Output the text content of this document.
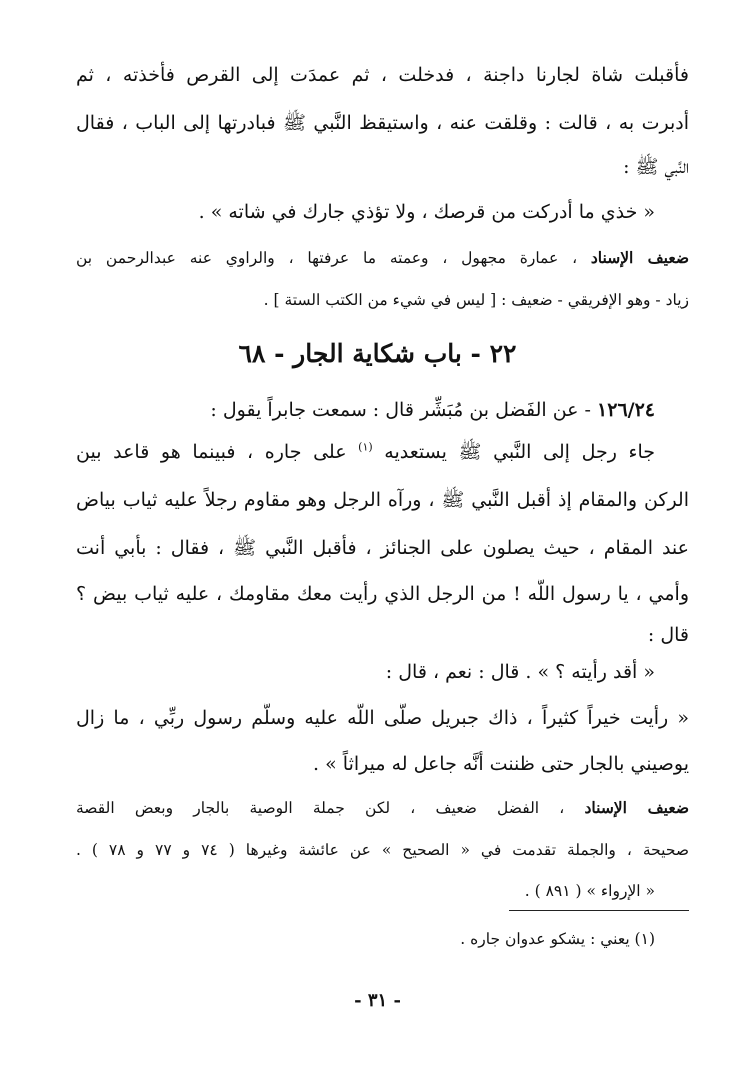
فأقبلت شاة لجارنا داجنة ، فدخلت ، ثم عمدَت إلى القرص فأخذته ، ثم
أدبرت به ، قالت : وقلقت عنه ، واستيقظ النَّبي ﷺ فبادرتها إلى الباب ، فقال
النَّبي ﷺ :
« خذي ما أدركت من قرصك ، ولا تؤذي جارك في شاته » .
ضعيف الإسناد ، عمارة مجهول ، وعمته ما عرفتها ، والراوي عنه عبدالرحمن بن
زياد - وهو الإفريقي - ضعيف : [ ليس في شيء من الكتب الستة ] .
٢٢ - باب شكاية الجار - ٦٨
١٢٦/٢٤ - عن الفَضل بن مُبَشِّر قال : سمعت جابراً يقول :
جاء رجل إلى النَّبي ﷺ يستعديه $^{(١)}$ على جاره ، فبينما هو قاعد بين
الركن والمقام إذ أقبل النَّبي ﷺ ، ورآه الرجل وهو مقاوم رجلاً عليه ثياب بياض
عند المقام ، حيث يصلون على الجنائز ، فأقبل النَّبي ﷺ ، فقال : بأبي أنت
وأمي ، يا رسول اللَّه ! من الرجل الذي رأيت معك مقاومك ، عليه ثياب بيض ؟
قال :
« أقد رأيته ؟ » . قال : نعم ، قال :
« رأيت خيراً كثيراً ، ذاك جبريل صلَّى اللَّه عليه وسلَّم رسول ربِّي ، ما زال
يوصيني بالجار حتى ظننت أنَّه جاعل له ميراثاً » .
ضعيف الإسناد ، الفضل ضعيف ، لكن جملة الوصية بالجار وبعض القصة
صحيحة ، والجملة تقدمت في « الصحيح » عن عائشة وغيرها ( ٧٤ و ٧٧ و ٧٨ ) .
« الإرواء » ( ٨٩١ ) .
(١) يعني : يشكو عدوان جاره .
- ٣١ -
